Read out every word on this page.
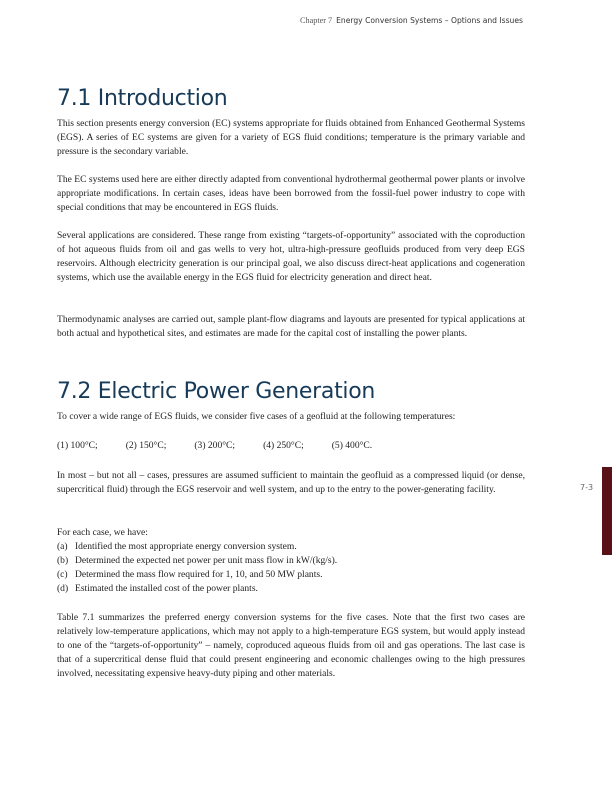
Chapter 7 Energy Conversion Systems – Options and Issues
7.1 Introduction

This section presents energy conversion (EC) systems appropriate for fluids obtained from Enhanced Geothermal Systems (EGS). A series of EC systems are given for a variety of EGS fluid conditions; temperature is the primary variable and pressure is the secondary variable.

The EC systems used here are either directly adapted from conventional hydrothermal geothermal power plants or involve appropriate modifications. In certain cases, ideas have been borrowed from the fossil-fuel power industry to cope with special conditions that may be encountered in EGS fluids.

Several applications are considered. These range from existing “targets-of-opportunity” associated with the coproduction of hot aqueous fluids from oil and gas wells to very hot, ultra-high-pressure geofluids produced from very deep EGS reservoirs. Although electricity generation is our principal goal, we also discuss direct-heat applications and cogeneration systems, which use the available energy in the EGS fluid for electricity generation and direct heat.

Thermodynamic analyses are carried out, sample plant-flow diagrams and layouts are presented for typical applications at both actual and hypothetical sites, and estimates are made for the capital cost of installing the power plants.

7.2 Electric Power Generation

To cover a wide range of EGS fluids, we consider five cases of a geofluid at the following temperatures:

(1) 100°C;	(2) 150°C;	(3) 200°C;	(4) 250°C;	(5) 400°C.

In most – but not all – cases, pressures are assumed sufficient to maintain the geofluid as a compressed liquid (or dense, supercritical fluid) through the EGS reservoir and well system, and up to the entry to the power-generating facility.

For each case, we have:

(a) Identified the most appropriate energy conversion system.
(b) Determined the expected net power per unit mass flow in kW/(kg/s).
(c) Determined the mass flow required for 1, 10, and 50 MW plants.
(d) Estimated the installed cost of the power plants.

Table 7.1 summarizes the preferred energy conversion systems for the five cases. Note that the first two cases are relatively low-temperature applications, which may not apply to a high-temperature EGS system, but would apply instead to one of the “targets-of-opportunity” – namely, coproduced aqueous fluids from oil and gas operations. The last case is that of a supercritical dense fluid that could present engineering and economic challenges owing to the high pressures involved, necessitating expensive heavy-duty piping and other materials.

7-3
